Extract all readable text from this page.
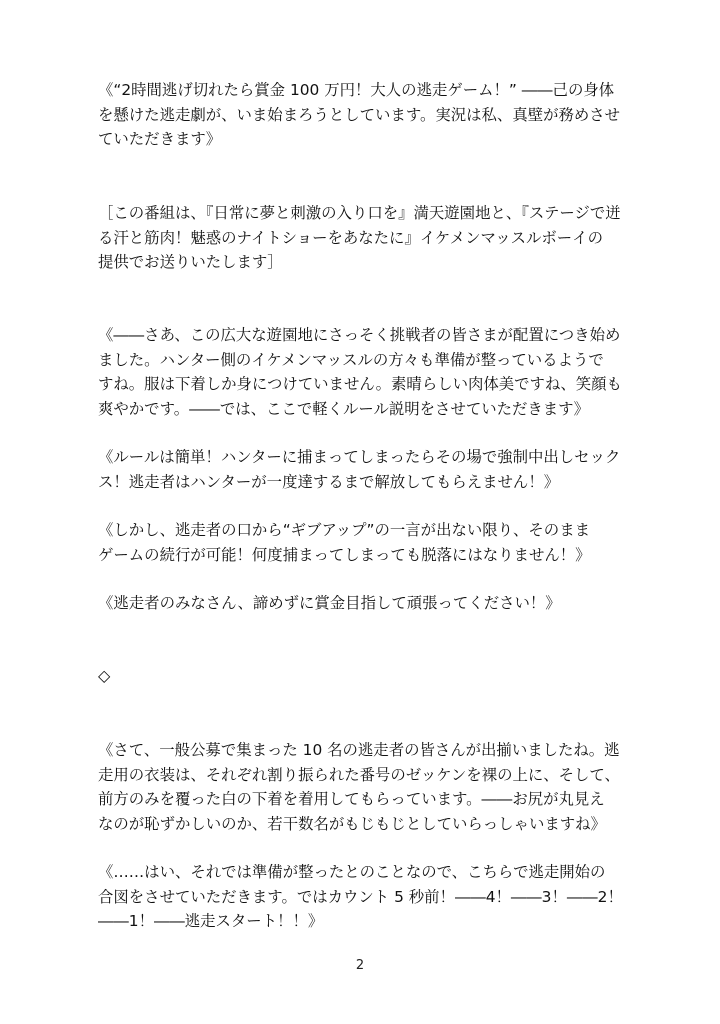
《“2時間逃げ切れたら賞金 100 万円！大人の逃走ゲーム！” ――己の身体
を懸けた逃走劇が、いま始まろうとしています。実況は私、真壁が務めさせ
ていただきます》
［この番組は、『日常に夢と刺激の入り口を』満天遊園地と、『ステージで迸
る汗と筋肉！魅惑のナイトショーをあなたに』イケメンマッスルボーイの
提供でお送りいたします］
《――さあ、この広大な遊園地にさっそく挑戦者の皆さまが配置につき始め
ました。ハンター側のイケメンマッスルの方々も準備が整っているようで
すね。服は下着しか身につけていません。素晴らしい肉体美ですね、笑顔も
爽やかです。――では、ここで軽くルール説明をさせていただきます》
《ルールは簡単！ハンターに捕まってしまったらその場で強制中出しセック
ス！逃走者はハンターが一度達するまで解放してもらえません！》
《しかし、逃走者の口から“ギブアップ”の一言が出ない限り、そのまま
ゲームの続行が可能！何度捕まってしまっても脱落にはなりません！》
《逃走者のみなさん、諦めずに賞金目指して頑張ってください！》
◇
《さて、一般公募で集まった 10 名の逃走者の皆さんが出揃いましたね。逃
走用の衣装は、それぞれ割り振られた番号のゼッケンを裸の上に、そして、
前方のみを覆った白の下着を着用してもらっています。――お尻が丸見え
なのが恥ずかしいのか、若干数名がもじもじとしていらっしゃいますね》
《……はい、それでは準備が整ったとのことなので、こちらで逃走開始の
合図をさせていただきます。ではカウント 5 秒前！――4！――3！――2！
――1！――逃走スタート！！》
2
